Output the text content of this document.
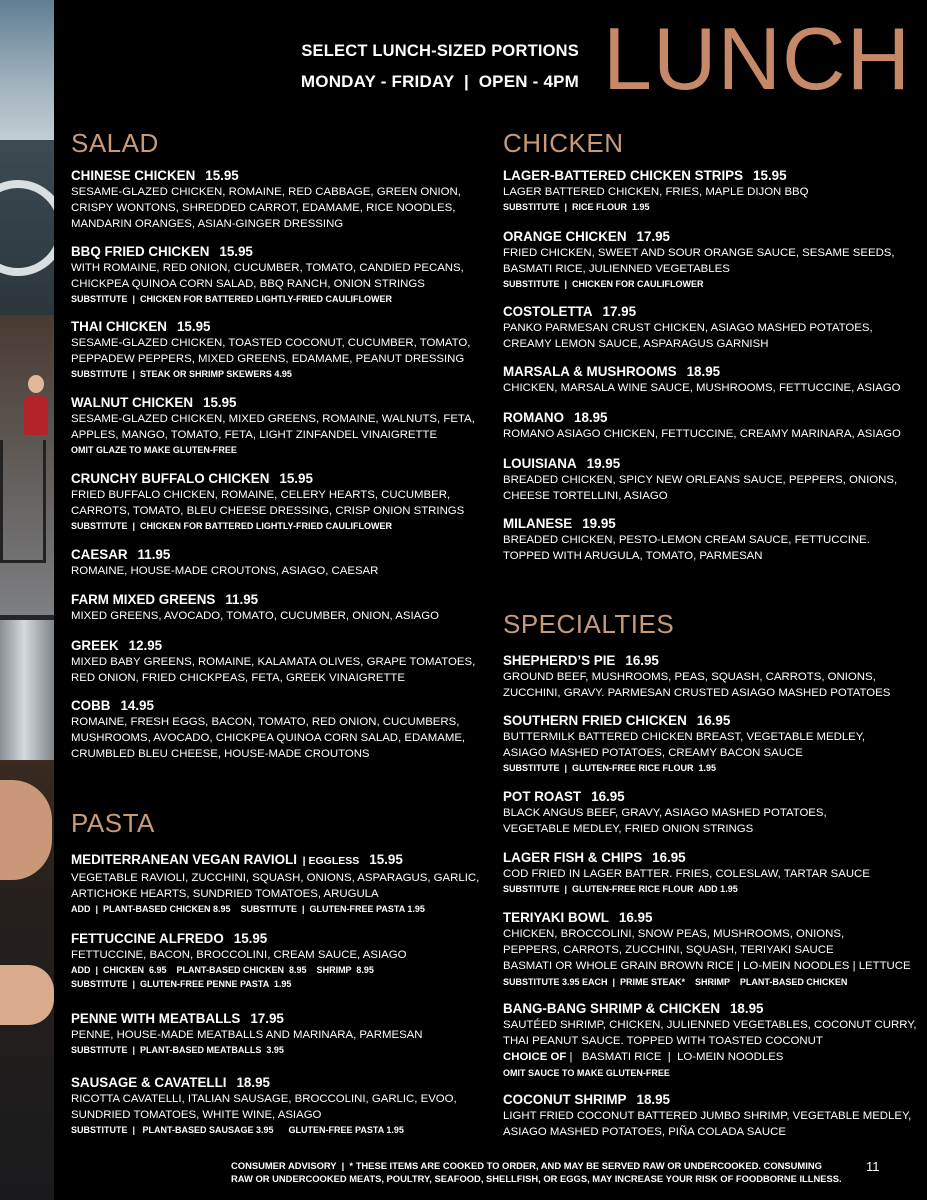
SELECT LUNCH-SIZED PORTIONS
MONDAY - FRIDAY  |  OPEN - 4PM LUNCH
SALAD
CHINESE CHICKEN 15.95
SESAME-GLAZED CHICKEN, ROMAINE, RED CABBAGE, GREEN ONION,
CRISPY WONTONS, SHREDDED CARROT, EDAMAME, RICE NOODLES,
MANDARIN ORANGES, ASIAN-GINGER DRESSING
BBQ FRIED CHICKEN 15.95
WITH ROMAINE, RED ONION, CUCUMBER, TOMATO, CANDIED PECANS,
CHICKPEA QUINOA CORN SALAD, BBQ RANCH, ONION STRINGS
SUBSTITUTE  |  CHICKEN FOR BATTERED LIGHTLY-FRIED CAULIFLOWER
THAI CHICKEN 15.95
SESAME-GLAZED CHICKEN, TOASTED COCONUT, CUCUMBER, TOMATO,
PEPPADEW PEPPERS, MIXED GREENS, EDAMAME, PEANUT DRESSING
SUBSTITUTE  |  STEAK OR SHRIMP SKEWERS 4.95
WALNUT CHICKEN 15.95
SESAME-GLAZED CHICKEN, MIXED GREENS, ROMAINE, WALNUTS, FETA,
APPLES, MANGO, TOMATO, FETA, LIGHT ZINFANDEL VINAIGRETTE
OMIT GLAZE TO MAKE GLUTEN-FREE
CRUNCHY BUFFALO CHICKEN 15.95
FRIED BUFFALO CHICKEN, ROMAINE, CELERY HEARTS, CUCUMBER,
CARROTS, TOMATO, BLEU CHEESE DRESSING, CRISP ONION STRINGS
SUBSTITUTE  |  CHICKEN FOR BATTERED LIGHTLY-FRIED CAULIFLOWER
CAESAR 11.95
ROMAINE, HOUSE-MADE CROUTONS, ASIAGO, CAESAR
FARM MIXED GREENS 11.95
MIXED GREENS, AVOCADO, TOMATO, CUCUMBER, ONION, ASIAGO
GREEK 12.95
MIXED BABY GREENS, ROMAINE, KALAMATA OLIVES, GRAPE TOMATOES,
RED ONION, FRIED CHICKPEAS, FETA, GREEK VINAIGRETTE
COBB 14.95
ROMAINE, FRESH EGGS, BACON, TOMATO, RED ONION, CUCUMBERS,
MUSHROOMS, AVOCADO, CHICKPEA QUINOA CORN SALAD, EDAMAME,
CRUMBLED BLEU CHEESE, HOUSE-MADE CROUTONS
PASTA
MEDITERRANEAN VEGAN RAVIOLI | EGGLESS 15.95
VEGETABLE RAVIOLI, ZUCCHINI, SQUASH, ONIONS, ASPARAGUS, GARLIC,
ARTICHOKE HEARTS, SUNDRIED TOMATOES, ARUGULA
ADD  |  PLANT-BASED CHICKEN 8.95    SUBSTITUTE  |  GLUTEN-FREE PASTA 1.95
FETTUCCINE ALFREDO 15.95
FETTUCCINE, BACON, BROCCOLINI, CREAM SAUCE, ASIAGO
ADD  |  CHICKEN  6.95    PLANT-BASED CHICKEN  8.95    SHRIMP  8.95
SUBSTITUTE  |  GLUTEN-FREE PENNE PASTA  1.95
PENNE WITH MEATBALLS 17.95
PENNE, HOUSE-MADE MEATBALLS AND MARINARA, PARMESAN
SUBSTITUTE  |  PLANT-BASED MEATBALLS  3.95
SAUSAGE & CAVATELLI 18.95
RICOTTA CAVATELLI, ITALIAN SAUSAGE, BROCCOLINI, GARLIC, EVOO,
SUNDRIED TOMATOES, WHITE WINE, ASIAGO
SUBSTITUTE  |   PLANT-BASED SAUSAGE 3.95      GLUTEN-FREE PASTA 1.95
CHICKEN
LAGER-BATTERED CHICKEN STRIPS 15.95
LAGER BATTERED CHICKEN, FRIES, MAPLE DIJON BBQ
SUBSTITUTE  |  RICE FLOUR  1.95
ORANGE CHICKEN 17.95
FRIED CHICKEN, SWEET AND SOUR ORANGE SAUCE, SESAME SEEDS,
BASMATI RICE, JULIENNED VEGETABLES
SUBSTITUTE  |  CHICKEN FOR CAULIFLOWER
COSTOLETTA 17.95
PANKO PARMESAN CRUST CHICKEN, ASIAGO MASHED POTATOES,
CREAMY LEMON SAUCE, ASPARAGUS GARNISH
MARSALA & MUSHROOMS 18.95
CHICKEN, MARSALA WINE SAUCE, MUSHROOMS, FETTUCCINE, ASIAGO
ROMANO 18.95
ROMANO ASIAGO CHICKEN, FETTUCCINE, CREAMY MARINARA, ASIAGO
LOUISIANA 19.95
BREADED CHICKEN, SPICY NEW ORLEANS SAUCE, PEPPERS, ONIONS,
CHEESE TORTELLINI, ASIAGO
MILANESE 19.95
BREADED CHICKEN, PESTO-LEMON CREAM SAUCE, FETTUCCINE.
TOPPED WITH ARUGULA, TOMATO, PARMESAN
SPECIALTIES
SHEPHERD’S PIE 16.95
GROUND BEEF, MUSHROOMS, PEAS, SQUASH, CARROTS, ONIONS,
ZUCCHINI, GRAVY. PARMESAN CRUSTED ASIAGO MASHED POTATOES
SOUTHERN FRIED CHICKEN 16.95
BUTTERMILK BATTERED CHICKEN BREAST, VEGETABLE MEDLEY,
ASIAGO MASHED POTATOES, CREAMY BACON SAUCE
SUBSTITUTE  |  GLUTEN-FREE RICE FLOUR  1.95
POT ROAST 16.95
BLACK ANGUS BEEF, GRAVY, ASIAGO MASHED POTATOES,
VEGETABLE MEDLEY, FRIED ONION STRINGS
LAGER FISH & CHIPS 16.95
COD FRIED IN LAGER BATTER. FRIES, COLESLAW, TARTAR SAUCE
SUBSTITUTE  |  GLUTEN-FREE RICE FLOUR  ADD 1.95
TERIYAKI BOWL 16.95
CHICKEN, BROCCOLINI, SNOW PEAS, MUSHROOMS, ONIONS,
PEPPERS, CARROTS, ZUCCHINI, SQUASH, TERIYAKI SAUCE
BASMATI OR WHOLE GRAIN BROWN RICE | LO-MEIN NOODLES | LETTUCE
SUBSTITUTE 3.95 EACH  |  PRIME STEAK*    SHRIMP    PLANT-BASED CHICKEN
BANG-BANG SHRIMP & CHICKEN 18.95
SAUTÉED SHRIMP, CHICKEN, JULIENNED VEGETABLES, COCONUT CURRY,
THAI PEANUT SAUCE. TOPPED WITH TOASTED COCONUT
CHOICE OF |   BASMATI RICE  |  LO-MEIN NOODLES
OMIT SAUCE TO MAKE GLUTEN-FREE
COCONUT SHRIMP 18.95
LIGHT FRIED COCONUT BATTERED JUMBO SHRIMP, VEGETABLE MEDLEY,
ASIAGO MASHED POTATOES, PIÑA COLADA SAUCE
CONSUMER ADVISORY  |  * THESE ITEMS ARE COOKED TO ORDER, AND MAY BE SERVED RAW OR UNDERCOOKED. CONSUMING
RAW OR UNDERCOOKED MEATS, POULTRY, SEAFOOD, SHELLFISH, OR EGGS, MAY INCREASE YOUR RISK OF FOODBORNE ILLNESS.
11
